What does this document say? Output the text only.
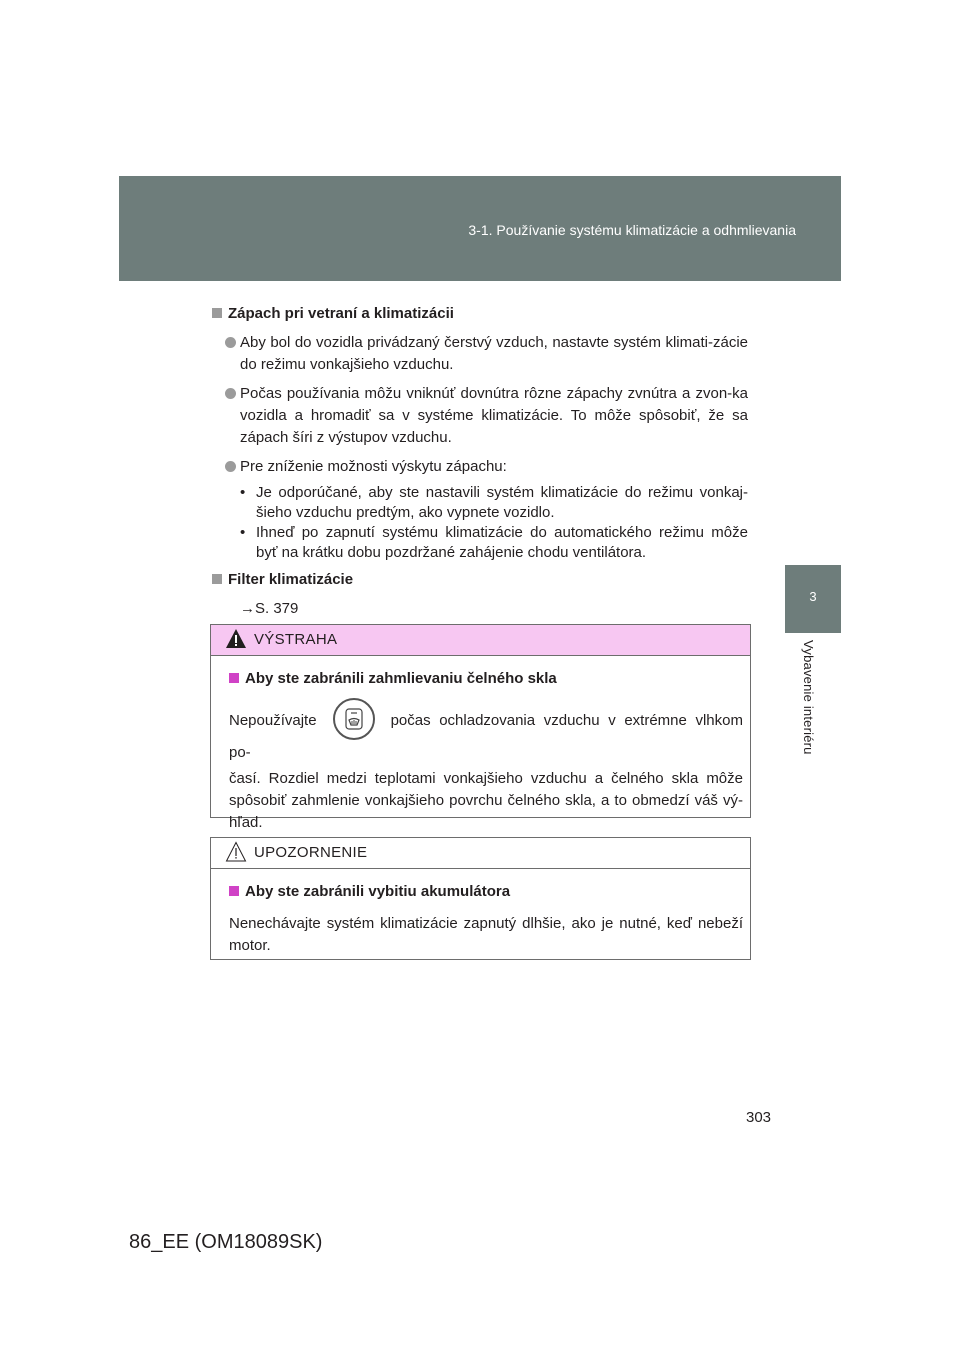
3-1. Používanie systému klimatizácie a odhmlievania
3
Vybavenie interiéru
Zápach pri vetraní a klimatizácii
Aby bol do vozidla privádzaný čerstvý vzduch, nastavte systém klimati-zácie do režimu vonkajšieho vzduchu.
Počas používania môžu vniknúť dovnútra rôzne zápachy zvnútra a zvon-ka vozidla a hromadiť sa v systéme klimatizácie. To môže spôsobiť, že sa zápach šíri z výstupov vzduchu.
Pre zníženie možnosti výskytu zápachu:
• Je odporúčané, aby ste nastavili systém klimatizácie do režimu vonkaj-šieho vzduchu predtým, ako vypnete vozidlo.
• Ihneď po zapnutí systému klimatizácie do automatického režimu môže byť na krátku dobu pozdržané zahájenie chodu ventilátora.
Filter klimatizácie
→S. 379
VÝSTRAHA
Aby ste zabránili zahmlievaniu čelného skla

Nepoužívajte	počas ochladzovania vzduchu v extrémne vlhkom po-

časí. Rozdiel medzi teplotami vonkajšieho vzduchu a čelného skla môže spôsobiť zahmlenie vonkajšieho povrchu čelného skla, a to obmedzí váš vý-hľad.

UPOZORNENIE
Aby ste zabránili vybitiu akumulátora

Nenechávajte systém klimatizácie zapnutý dlhšie, ako je nutné, keď nebeží motor.

303
86_EE (OM18089SK)
